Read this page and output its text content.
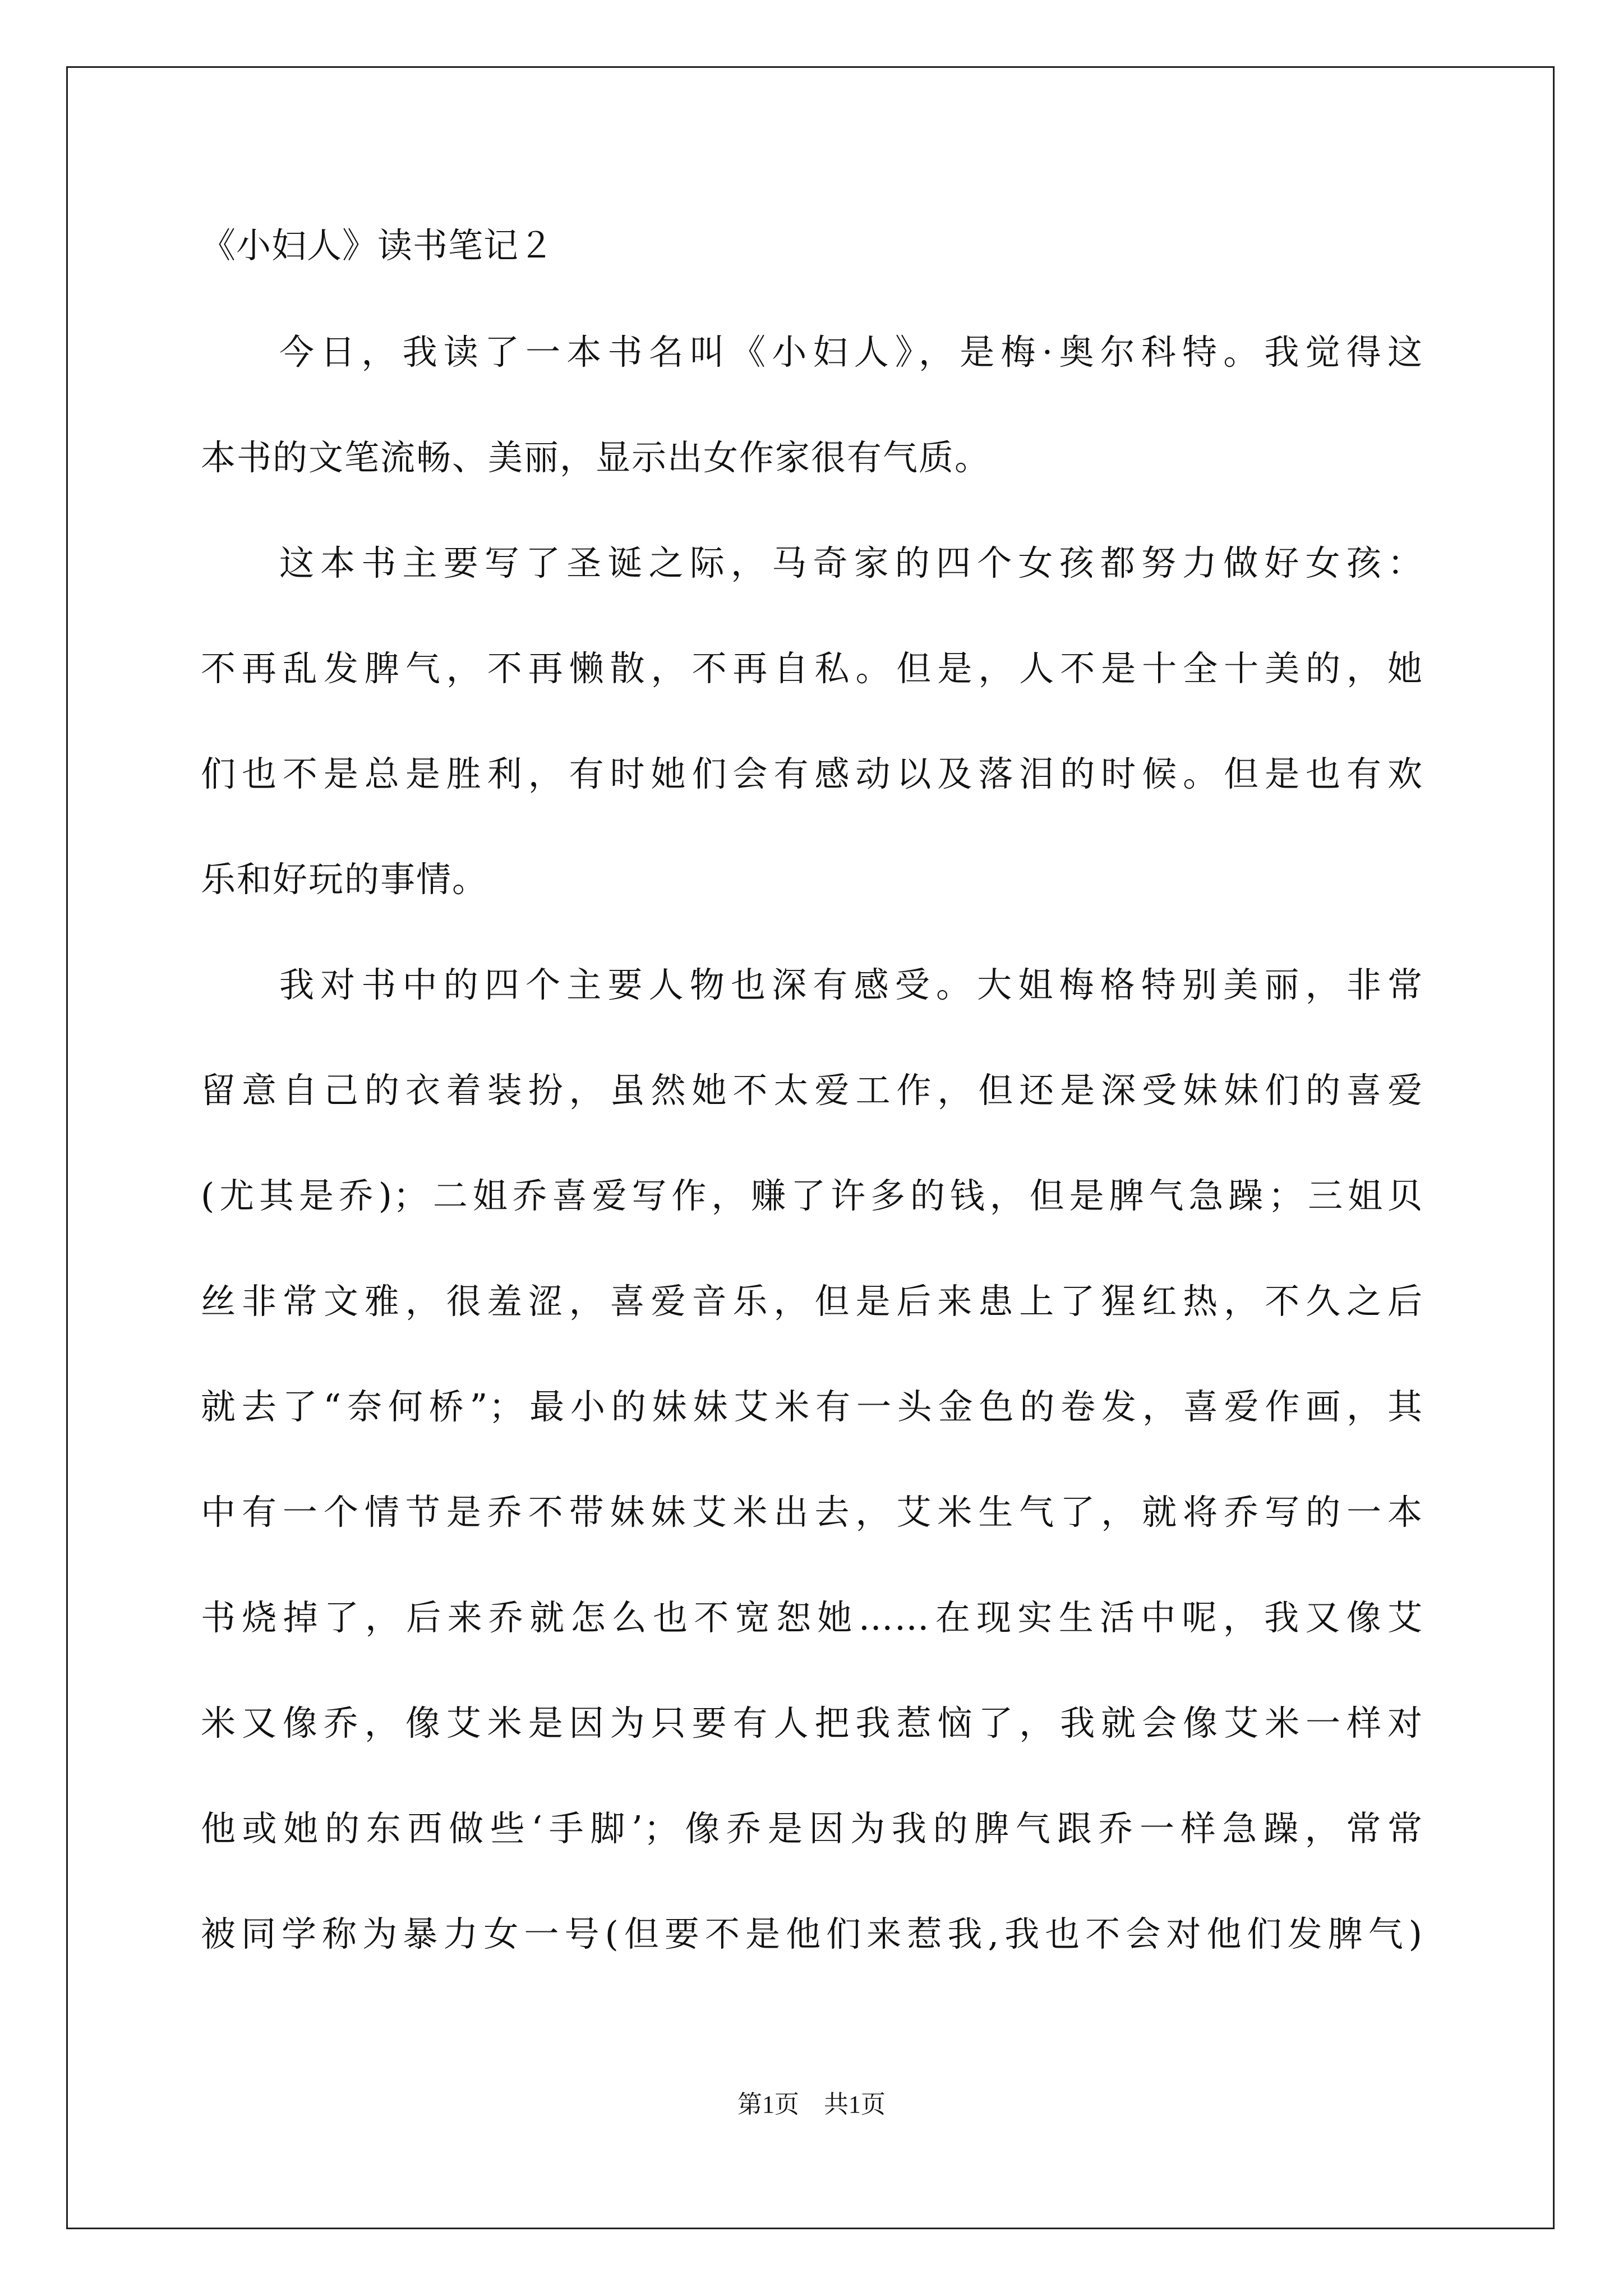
《小妇人》读书笔记２
今日，我读了一本书名叫《小妇人》，是梅·奥尔科特。我觉得这
本书的文笔流畅、美丽，显示出女作家很有气质。
这本书主要写了圣诞之际，马奇家的四个女孩都努力做好女孩：
不再乱发脾气，不再懒散，不再自私。但是，人不是十全十美的，她
们也不是总是胜利，有时她们会有感动以及落泪的时候。但是也有欢
乐和好玩的事情。
我对书中的四个主要人物也深有感受。大姐梅格特别美丽，非常
留意自己的衣着装扮，虽然她不太爱工作，但还是深受妹妹们的喜爱
(尤其是乔)；二姐乔喜爱写作，赚了许多的钱，但是脾气急躁；三姐贝
丝非常文雅，很羞涩，喜爱音乐，但是后来患上了猩红热，不久之后
就去了“奈何桥”；最小的妹妹艾米有一头金色的卷发，喜爱作画，其
中有一个情节是乔不带妹妹艾米出去，艾米生气了，就将乔写的一本
书烧掉了，后来乔就怎么也不宽恕她……在现实生活中呢，我又像艾
米又像乔，像艾米是因为只要有人把我惹恼了，我就会像艾米一样对
他或她的东西做些‘手脚’；像乔是因为我的脾气跟乔一样急躁，常常
被同学称为暴力女一号(但要不是他们来惹我,我也不会对他们发脾气)
第1页 共1页
